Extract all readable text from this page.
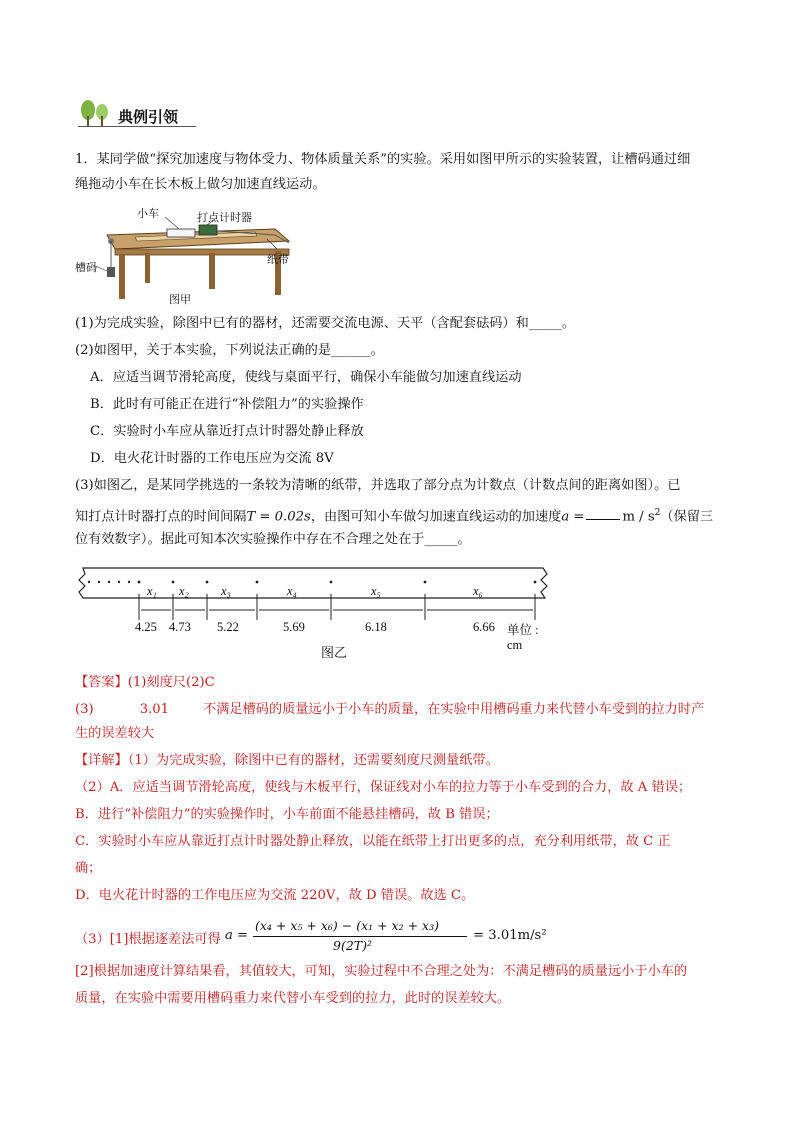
典例引领
1．某同学做“探究加速度与物体受力、物体质量关系”的实验。采用如图甲所示的实验装置，让槽码通过细
绳拖动小车在长木板上做匀加速直线运动。
小车	打点计时器
纸带
槽码
图甲
(1)为完成实验，除图中已有的器材，还需要交流电源、天平（含配套砝码）和_____。
(2)如图甲，关于本实验，下列说法正确的是______。
A．应适当调节滑轮高度，使线与桌面平行，确保小车能做匀加速直线运动
B．此时有可能正在进行“补偿阻力”的实验操作
C．实验时小车应从靠近打点计时器处静止释放
D．电火花计时器的工作电压应为交流 8V
(3)如图乙，是某同学挑选的一条较为清晰的纸带，并选取了部分点为计数点（计数点间的距离如图）。已
知打点计时器打点的时间间隔T = 0.02s，由图可知小车做匀加速直线运动的加速度a =	m / $s^2$（保留三
位有效数字）。据此可知本次实验操作中存在不合理之处在于_____。
x₁ x₂	x₃	x₄	x₅	x₆
4.25 4.73 5.22	5.69	6.18	6.66 单位 : cm
图乙
【答案】(1)刻度尺(2)C
(3)	3.01	不满足槽码的质量远小于小车的质量，在实验中用槽码重力来代替小车受到的拉力时产
生的误差较大
【详解】（1）为完成实验，除图中已有的器材，还需要刻度尺测量纸带。
（2）A．应适当调节滑轮高度，使线与木板平行，保证线对小车的拉力等于小车受到的合力，故 A 错误；
B．进行“补偿阻力”的实验操作时，小车前面不能悬挂槽码，故 B 错误；
C．实验时小车应从靠近打点计时器处静止释放，以能在纸带上打出更多的点，充分利用纸带，故 C 正
确；
D．电火花计时器的工作电压应为交流 220V，故 D 错误。故选 C。
（3）[1]根据逐差法可得 a =
(x₄ + x₅ + x₆) − (x₁ + x₂ + x₃)
9(2T)²
= 3.01m/s²
[2]根据加速度计算结果看，其值较大，可知，实验过程中不合理之处为：不满足槽码的质量远小于小车的
质量，在实验中需要用槽码重力来代替小车受到的拉力，此时的误差较大。
